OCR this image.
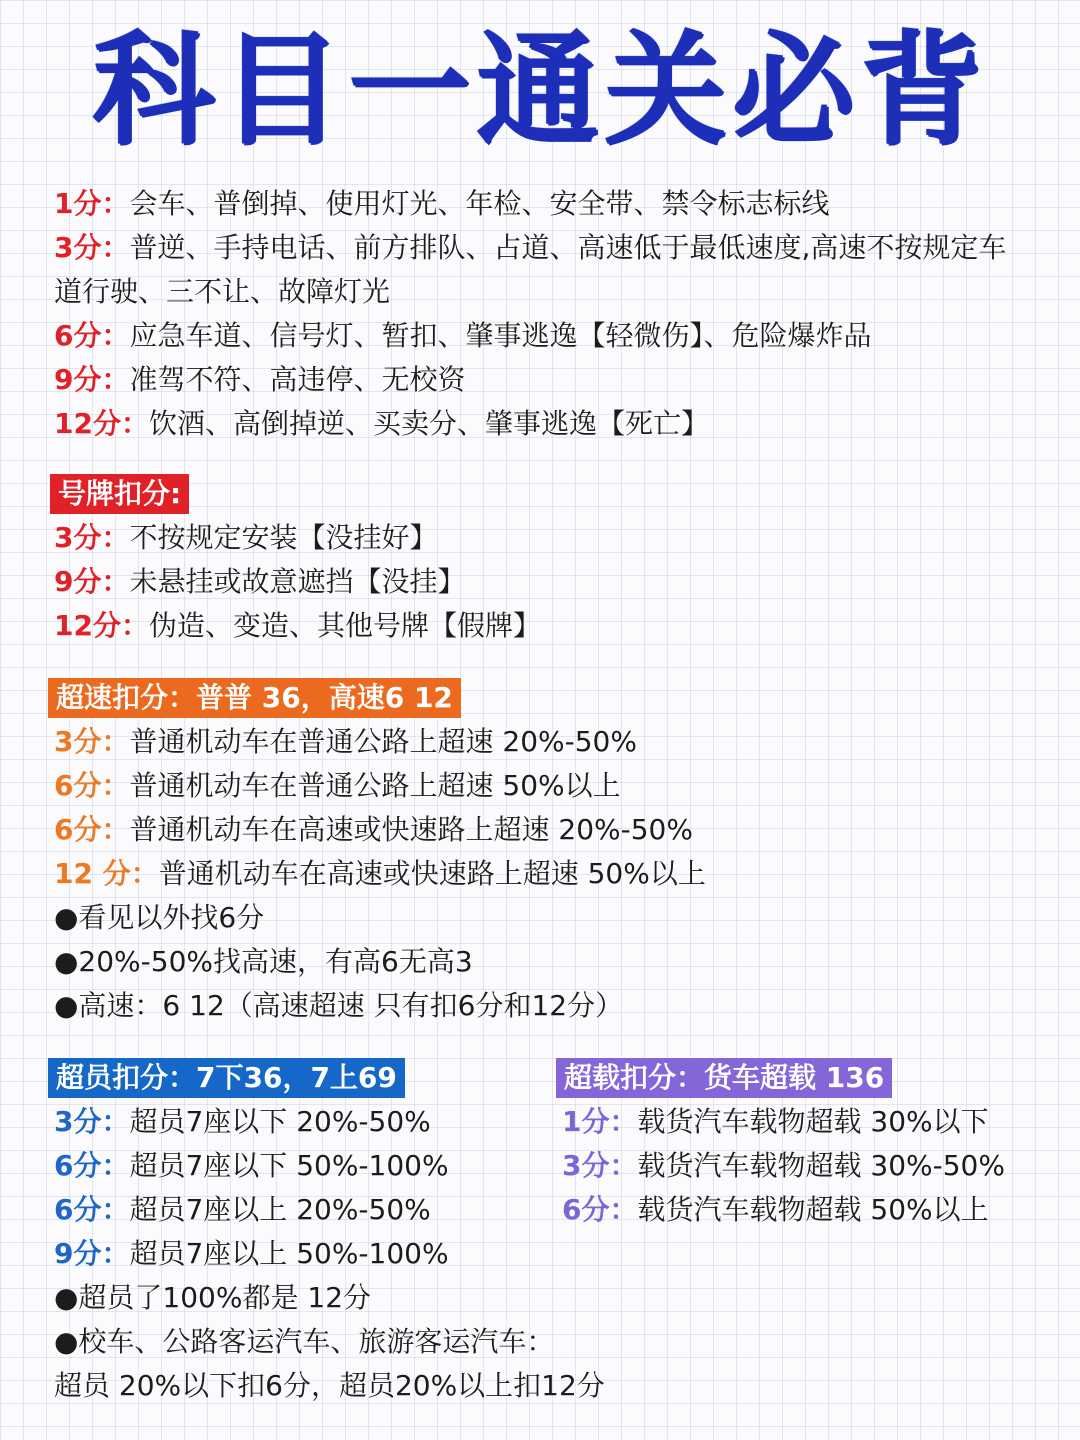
科目一通关必背
1分：会车、普倒掉、使用灯光、年检、安全带、禁令标志标线
3分：普逆、手持电话、前方排队、占道、高速低于最低速度,高速不按规定车道行驶、三不让、故障灯光
6分：应急车道、信号灯、暂扣、肇事逃逸【轻微伤】、危险爆炸品
9分：准驾不符、高违停、无校资
12分：饮酒、高倒掉逆、买卖分、肇事逃逸【死亡】
号牌扣分:
3分：不按规定安装【没挂好】
9分：未悬挂或故意遮挡【没挂】
12分：伪造、变造、其他号牌【假牌】
超速扣分：普普 36，高速6 12
3分：普通机动车在普通公路上超速 20%-50%
6分：普通机动车在普通公路上超速 50%以上
6分：普通机动车在高速或快速路上超速 20%-50%
12 分：普通机动车在高速或快速路上超速 50%以上
●看见以外找6分
●20%-50%找高速，有高6无高3
●高速：6 12（高速超速 只有扣6分和12分）
超员扣分：7下36，7上69
3分：超员7座以下 20%-50%
6分：超员7座以下 50%-100%
6分：超员7座以上 20%-50%
9分：超员7座以上 50%-100%
●超员了100%都是 12分
●校车、公路客运汽车、旅游客运汽车：
超员 20%以下扣6分，超员20%以上扣12分
超载扣分：货车超载 136
1分：载货汽车载物超载 30%以下
3分：载货汽车载物超载 30%-50%
6分：载货汽车载物超载 50%以上
